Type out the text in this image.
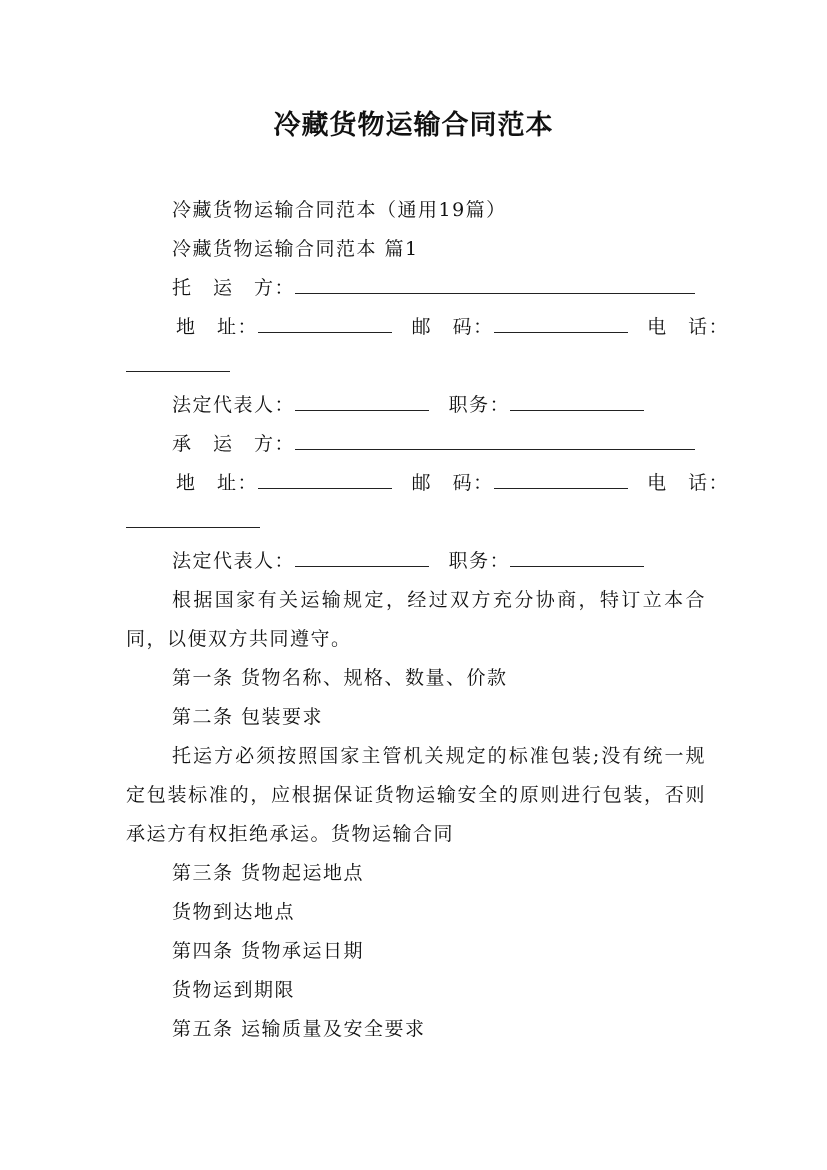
冷藏货物运输合同范本
冷藏货物运输合同范本（通用19篇）
冷藏货物运输合同范本 篇1
托　运　方：
地　址：	邮　码：	电　话：
法定代表人：	职务：
承　运　方：
地　址：	邮　码：	电　话：
法定代表人：	职务：
根据国家有关运输规定，经过双方充分协商，特订立本合同，以便双方共同遵守。
第一条 货物名称、规格、数量、价款
第二条 包装要求
托运方必须按照国家主管机关规定的标准包装;没有统一规定包装标准的，应根据保证货物运输安全的原则进行包装，否则承运方有权拒绝承运。货物运输合同
第三条 货物起运地点
货物到达地点
第四条 货物承运日期
货物运到期限
第五条 运输质量及安全要求
